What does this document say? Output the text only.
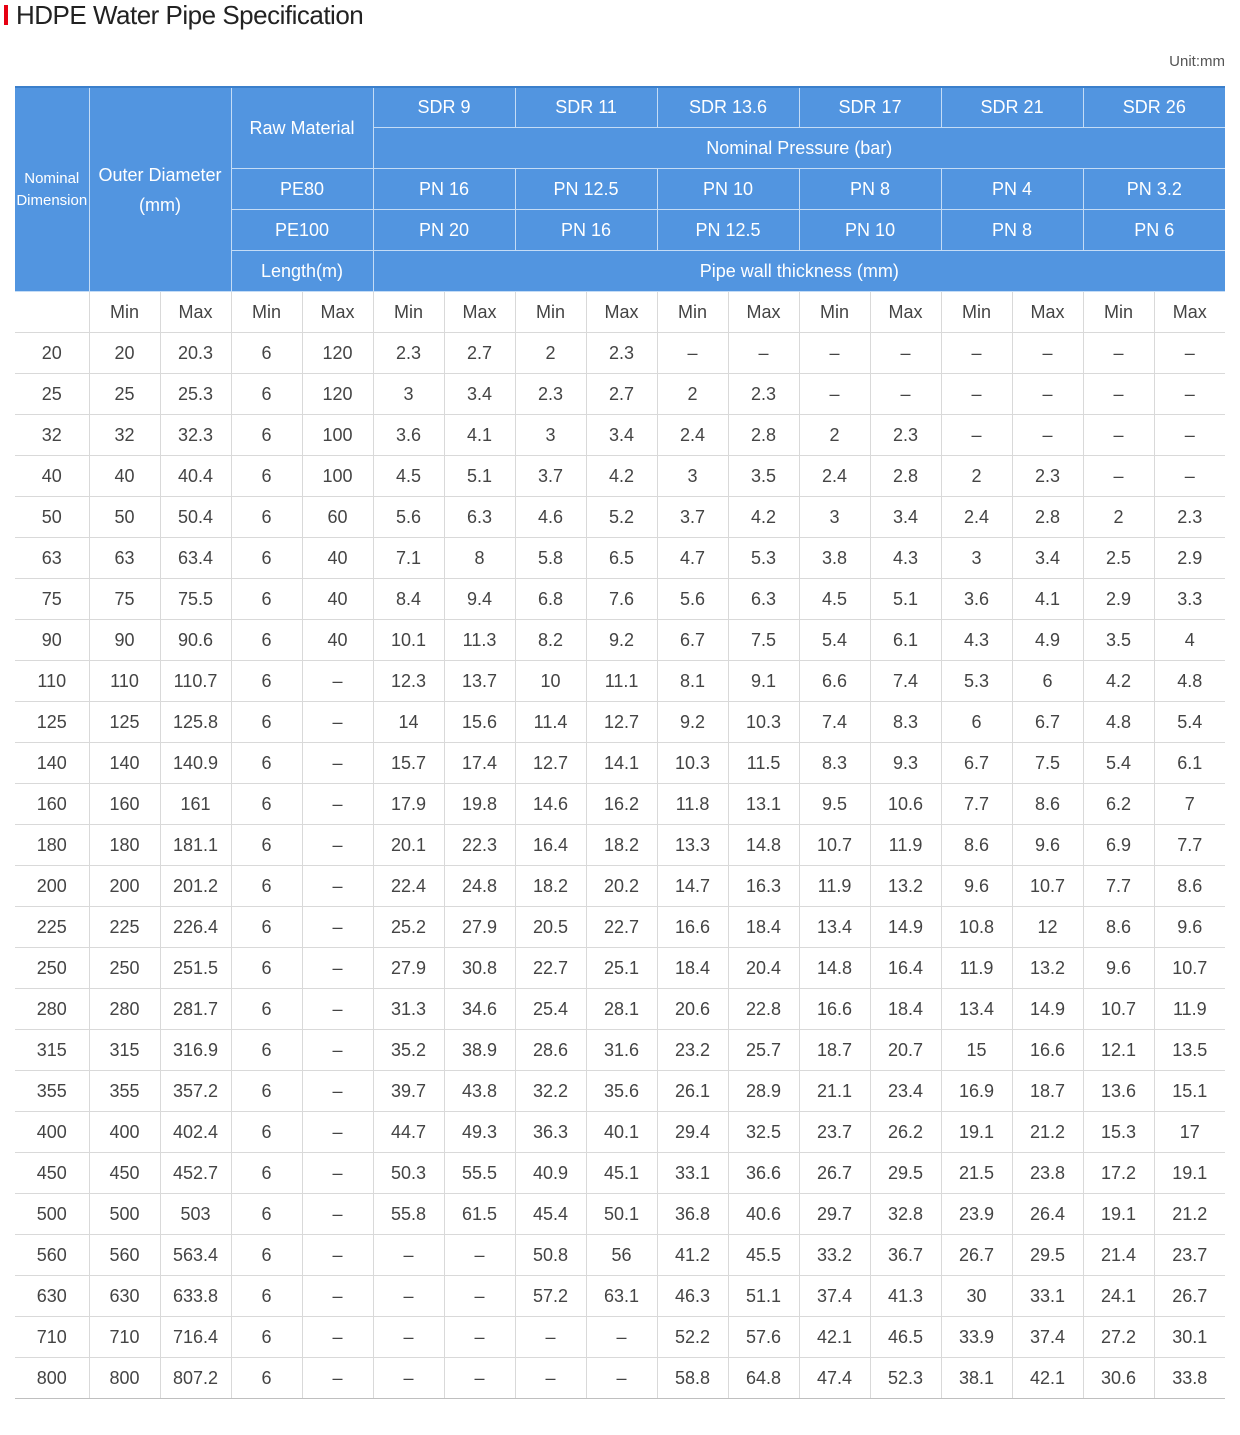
HDPE Water Pipe Specification
Unit:mm
Nominal
Dimension	Outer Diameter
(mm)		Raw Material		SDR 9		SDR 11		SDR 13.6		SDR 17		SDR 21		SDR 26	
					Nominal Pressure (bar)											
			PE80		PN 16		PN 12.5		PN 10		PN 8		PN 4		PN 3.2	
			PE100		PN 20		PN 16		PN 12.5		PN 10		PN 8		PN 6	
			Length(m)		Pipe wall thickness (mm)											
	Min	Max	Min	Max	Min	Max	Min	Max	Min	Max	Min	Max	Min	Max	Min	Max
20	20	20.3	6	120	2.3	2.7	2	2.3	–	–	–	–	–	–	–	–
25	25	25.3	6	120	3	3.4	2.3	2.7	2	2.3	–	–	–	–	–	–
32	32	32.3	6	100	3.6	4.1	3	3.4	2.4	2.8	2	2.3	–	–	–	–
40	40	40.4	6	100	4.5	5.1	3.7	4.2	3	3.5	2.4	2.8	2	2.3	–	–
50	50	50.4	6	60	5.6	6.3	4.6	5.2	3.7	4.2	3	3.4	2.4	2.8	2	2.3
63	63	63.4	6	40	7.1	8	5.8	6.5	4.7	5.3	3.8	4.3	3	3.4	2.5	2.9
75	75	75.5	6	40	8.4	9.4	6.8	7.6	5.6	6.3	4.5	5.1	3.6	4.1	2.9	3.3
90	90	90.6	6	40	10.1	11.3	8.2	9.2	6.7	7.5	5.4	6.1	4.3	4.9	3.5	4
110	110	110.7	6	–	12.3	13.7	10	11.1	8.1	9.1	6.6	7.4	5.3	6	4.2	4.8
125	125	125.8	6	–	14	15.6	11.4	12.7	9.2	10.3	7.4	8.3	6	6.7	4.8	5.4
140	140	140.9	6	–	15.7	17.4	12.7	14.1	10.3	11.5	8.3	9.3	6.7	7.5	5.4	6.1
160	160	161	6	–	17.9	19.8	14.6	16.2	11.8	13.1	9.5	10.6	7.7	8.6	6.2	7
180	180	181.1	6	–	20.1	22.3	16.4	18.2	13.3	14.8	10.7	11.9	8.6	9.6	6.9	7.7
200	200	201.2	6	–	22.4	24.8	18.2	20.2	14.7	16.3	11.9	13.2	9.6	10.7	7.7	8.6
225	225	226.4	6	–	25.2	27.9	20.5	22.7	16.6	18.4	13.4	14.9	10.8	12	8.6	9.6
250	250	251.5	6	–	27.9	30.8	22.7	25.1	18.4	20.4	14.8	16.4	11.9	13.2	9.6	10.7
280	280	281.7	6	–	31.3	34.6	25.4	28.1	20.6	22.8	16.6	18.4	13.4	14.9	10.7	11.9
315	315	316.9	6	–	35.2	38.9	28.6	31.6	23.2	25.7	18.7	20.7	15	16.6	12.1	13.5
355	355	357.2	6	–	39.7	43.8	32.2	35.6	26.1	28.9	21.1	23.4	16.9	18.7	13.6	15.1
400	400	402.4	6	–	44.7	49.3	36.3	40.1	29.4	32.5	23.7	26.2	19.1	21.2	15.3	17
450	450	452.7	6	–	50.3	55.5	40.9	45.1	33.1	36.6	26.7	29.5	21.5	23.8	17.2	19.1
500	500	503	6	–	55.8	61.5	45.4	50.1	36.8	40.6	29.7	32.8	23.9	26.4	19.1	21.2
560	560	563.4	6	–	–	–	50.8	56	41.2	45.5	33.2	36.7	26.7	29.5	21.4	23.7
630	630	633.8	6	–	–	–	57.2	63.1	46.3	51.1	37.4	41.3	30	33.1	24.1	26.7
710	710	716.4	6	–	–	–	–	–	52.2	57.6	42.1	46.5	33.9	37.4	27.2	30.1
800	800	807.2	6	–	–	–	–	–	58.8	64.8	47.4	52.3	38.1	42.1	30.6	33.8
